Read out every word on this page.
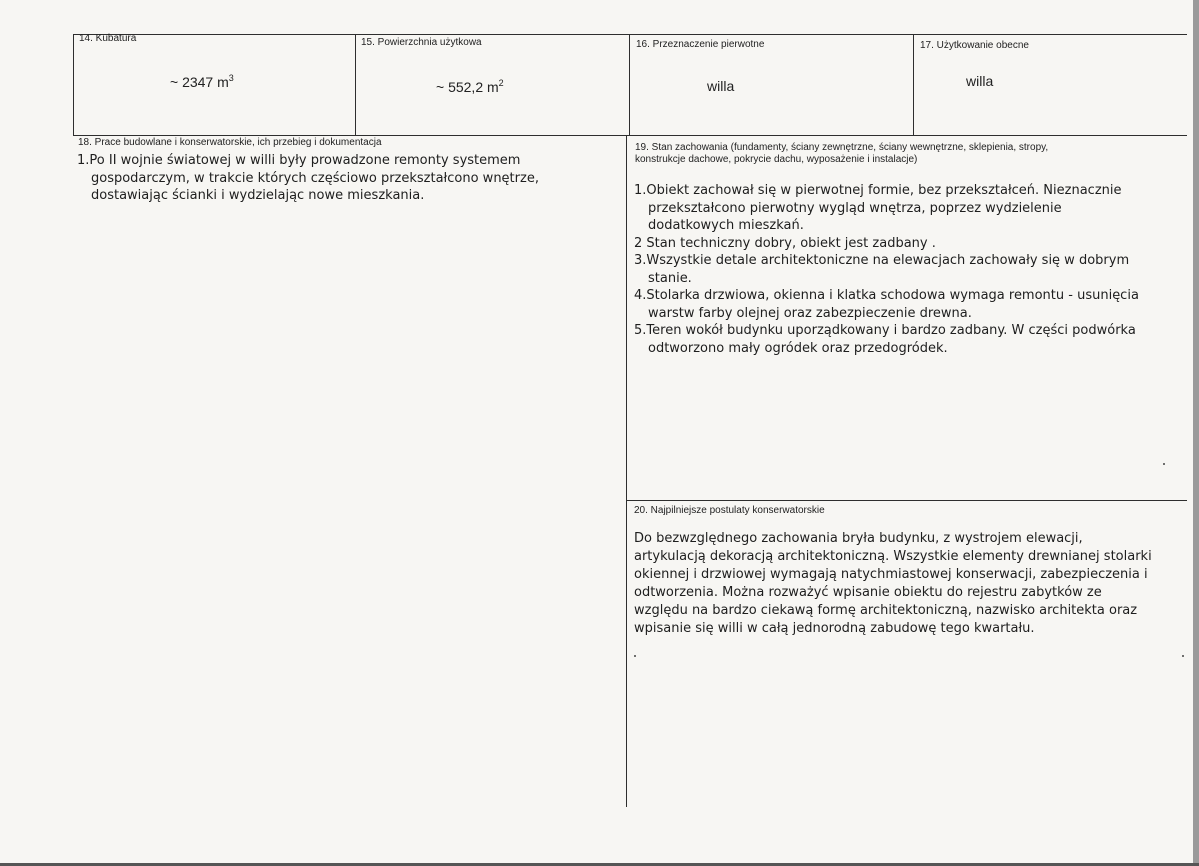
14. Kubatura
~ 2347 $m^3$
15. Powierzchnia użytkowa
~ 552,2 $m^2$
16. Przeznaczenie pierwotne
willa
17. Użytkowanie obecne
willa
18. Prace budowlane i konserwatorskie, ich przebieg i dokumentacja

1.Po II wojnie światowej w willi były prowadzone remonty systemem gospodarczym, w trakcie których częściowo przekształcono wnętrze, dostawiając ścianki i wydzielając nowe mieszkania.

19. Stan zachowania (fundamenty, ściany zewnętrzne, ściany wewnętrzne, sklepienia, stropy,
konstrukcje dachowe, pokrycie dachu, wyposażenie i instalacje)

1.Obiekt zachował się w pierwotnej formie, bez przekształceń. Nieznacznie przekształcono pierwotny wygląd wnętrza, poprzez wydzielenie dodatkowych mieszkań.

2 Stan techniczny dobry, obiekt jest zadbany .

3.Wszystkie detale architektoniczne na elewacjach zachowały się w dobrym stanie.

4.Stolarka drzwiowa, okienna i klatka schodowa wymaga remontu - usunięcia warstw farby olejnej oraz zabezpieczenie drewna.

5.Teren wokół budynku uporządkowany i bardzo zadbany. W części podwórka odtworzono mały ogródek oraz przedogródek.

20. Najpilniejsze postulaty konserwatorskie
Do bezwzględnego zachowania bryła budynku, z wystrojem elewacji, artykulacją dekoracją architektoniczną. Wszystkie elementy drewnianej stolarki okiennej i drzwiowej wymagają natychmiastowej konserwacji, zabezpieczenia i odtworzenia. Można rozważyć wpisanie obiektu do rejestru zabytków ze względu na bardzo ciekawą formę architektoniczną, nazwisko architekta oraz wpisanie się willi w całą jednorodną zabudowę tego kwartału.
